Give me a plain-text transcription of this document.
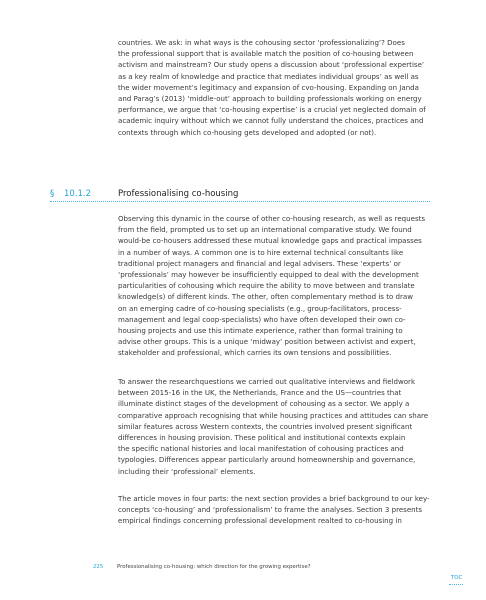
countries. We ask: in what ways is the cohousing sector ‘professionalizing’? Does
the professional support that is available match the position of co-housing between
activism and mainstream? Our study opens a discussion about ‘professional expertise’
as a key realm of knowledge and practice that mediates individual groups’ as well as
the wider movement’s legitimacy and expansion of cvo-housing. Expanding on Janda
and Parag’s (2013) ‘middle-out’ approach to building professionals working on energy
performance, we argue that ‘co-housing expertise’ is a crucial yet neglected domain of
academic inquiry without which we cannot fully understand the choices, practices and
contexts through which co-housing gets developed and adopted (or not).
§ 10.1.2	Professionalising co-housing
Observing this dynamic in the course of other co-housing research, as well as requests
from the field, prompted us to set up an international comparative study. We found
would-be co-housers addressed these mutual knowledge gaps and practical impasses
in a number of ways. A common one is to hire external technical consultants like
traditional project managers and financial and legal advisers. These ‘experts’ or
‘professionals’ may however be insufficiently equipped to deal with the development
particularities of cohousing which require the ability to move between and translate
knowledge(s) of different kinds. The other, often complementary method is to draw
on an emerging cadre of co-housing specialists (e.g., group-facilitators, process-
management and legal coop-specialists) who have often developed their own co-
housing projects and use this intimate experience, rather than formal training to
advise other groups. This is a unique ‘midway’ position between activist and expert,
stakeholder and professional, which carries its own tensions and possibilities.
To answer the researchquestions we carried out qualitative interviews and fieldwork
between 2015-16 in the UK, the Netherlands, France and the US—countries that
illuminate distinct stages of the development of cohousing as a sector. We apply a
comparative approach recognising that while housing practices and attitudes can share
similar features across Western contexts, the countries involved present significant
differences in housing provision. These political and institutional contexts explain
the specific national histories and local manifestation of cohousing practices and
typologies. Differences appear particularly around homeownership and governance,
including their ‘professional’ elements.
The article moves in four parts: the next section provides a brief background to our key-
concepts ‘co-housing’ and ‘professionalism’ to frame the analyses. Section 3 presents
empirical findings concerning professional development realted to co-housing in
225	Professionalising co-housing: which direction for the growing expertise?
TOC
